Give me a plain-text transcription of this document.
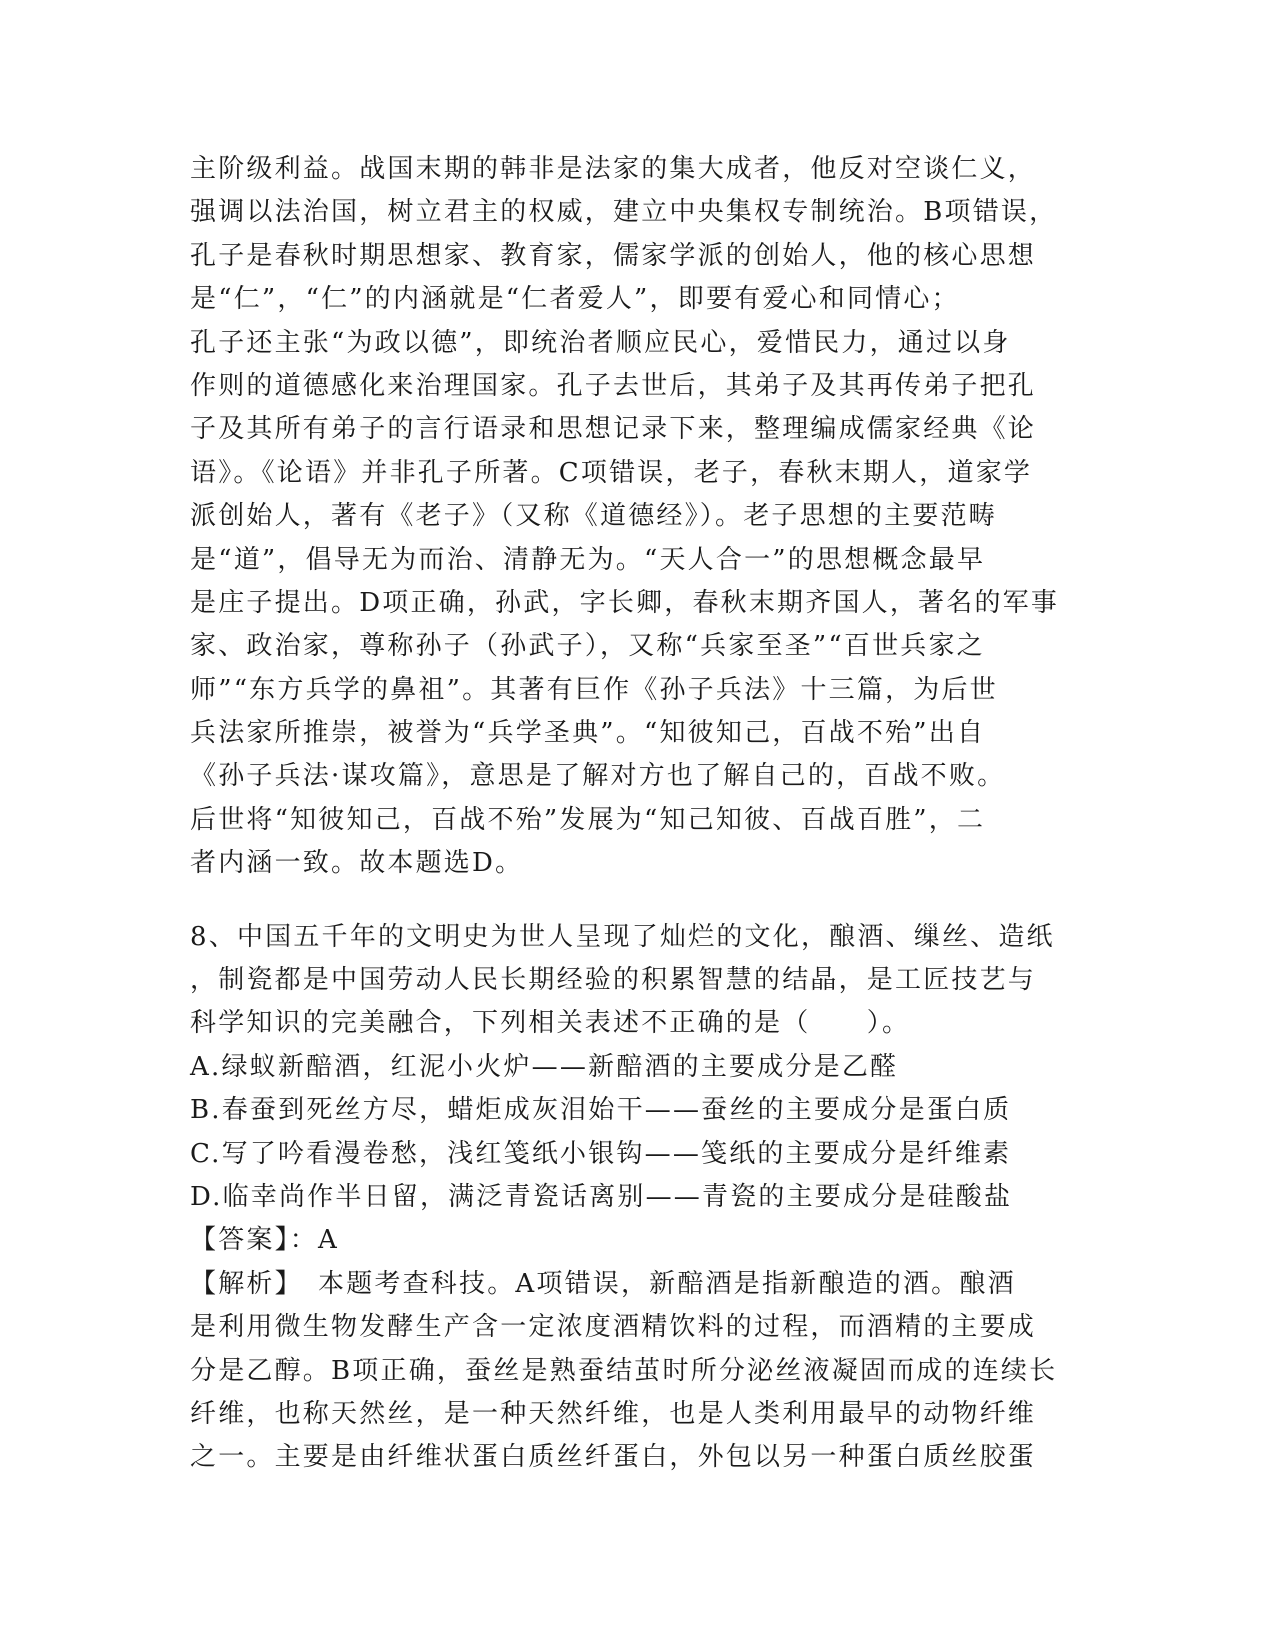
主阶级利益。战国末期的韩非是法家的集大成者，他反对空谈仁义，
强调以法治国，树立君主的权威，建立中央集权专制统治。B项错误，
孔子是春秋时期思想家、教育家，儒家学派的创始人，他的核心思想
是“仁”，“仁”的内涵就是“仁者爱人”，即要有爱心和同情心；
孔子还主张“为政以德”，即统治者顺应民心，爱惜民力，通过以身
作则的道德感化来治理国家。孔子去世后，其弟子及其再传弟子把孔
子及其所有弟子的言行语录和思想记录下来，整理编成儒家经典《论
语》。《论语》并非孔子所著。C项错误，老子，春秋末期人，道家学
派创始人，著有《老子》（又称《道德经》）。老子思想的主要范畴
是“道”，倡导无为而治、清静无为。“天人合一”的思想概念最早
是庄子提出。D项正确，孙武，字长卿，春秋末期齐国人，著名的军事
家、政治家，尊称孙子（孙武子），又称“兵家至圣”“百世兵家之
师”“东方兵学的鼻祖”。其著有巨作《孙子兵法》十三篇，为后世
兵法家所推崇，被誉为“兵学圣典”。“知彼知己，百战不殆”出自
《孙子兵法·谋攻篇》，意思是了解对方也了解自己的，百战不败。
后世将“知彼知己，百战不殆”发展为“知己知彼、百战百胜”，二
者内涵一致。故本题选D。
8、中国五千年的文明史为世人呈现了灿烂的文化，酿酒、缫丝、造纸
，制瓷都是中国劳动人民长期经验的积累智慧的结晶，是工匠技艺与
科学知识的完美融合，下列相关表述不正确的是（　　）。
A.绿蚁新醅酒，红泥小火炉——新醅酒的主要成分是乙醛
B.春蚕到死丝方尽，蜡炬成灰泪始干——蚕丝的主要成分是蛋白质
C.写了吟看漫卷愁，浅红笺纸小银钩——笺纸的主要成分是纤维素
D.临幸尚作半日留，满泛青瓷话离别——青瓷的主要成分是硅酸盐
【答案】：A
【解析】　本题考查科技。A项错误，新醅酒是指新酿造的酒。酿酒
是利用微生物发酵生产含一定浓度酒精饮料的过程，而酒精的主要成
分是乙醇。B项正确，蚕丝是熟蚕结茧时所分泌丝液凝固而成的连续长
纤维，也称天然丝，是一种天然纤维，也是人类利用最早的动物纤维
之一。主要是由纤维状蛋白质丝纤蛋白，外包以另一种蛋白质丝胶蛋
